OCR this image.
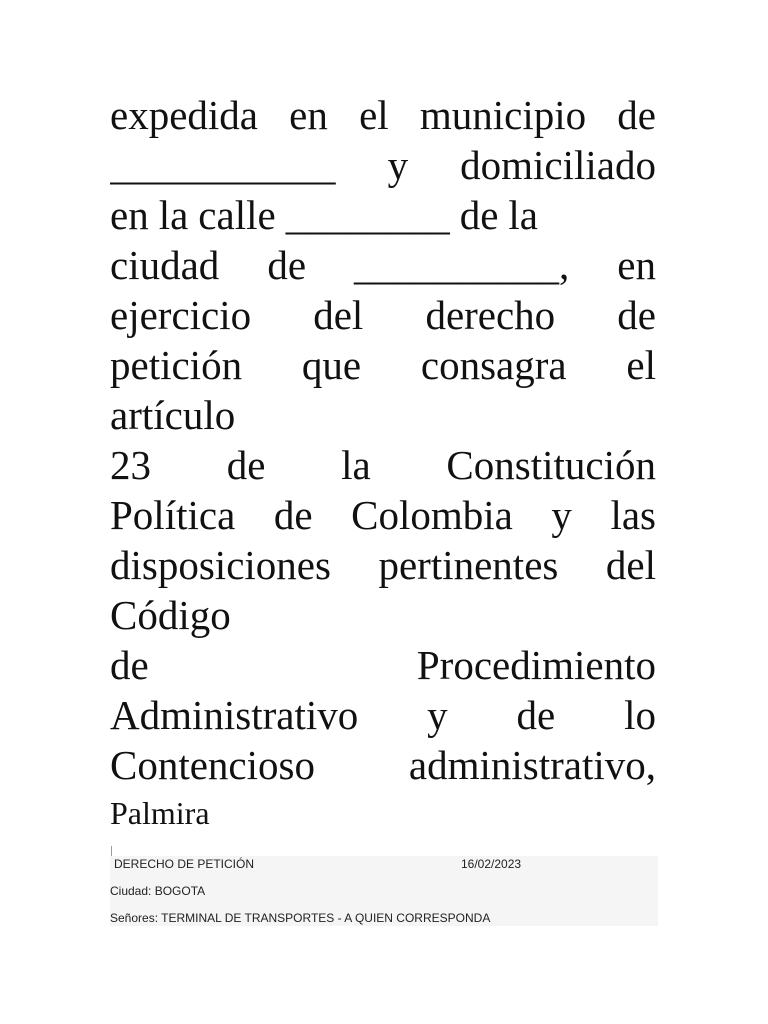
expedida en el municipio de
___________ y domiciliado
en la calle ________ de la
ciudad de __________, en
ejercicio del derecho de
petición que consagra el
artículo
23 de la Constitución
Política de Colombia y las
disposiciones pertinentes del
Código
de	Procedimiento
Administrativo y de lo
Contencioso administrativo,
Palmira
DERECHO DE PETICIÓN	16/02/2023
Ciudad: BOGOTA
Señores: TERMINAL DE TRANSPORTES - A QUIEN CORRESPONDA
